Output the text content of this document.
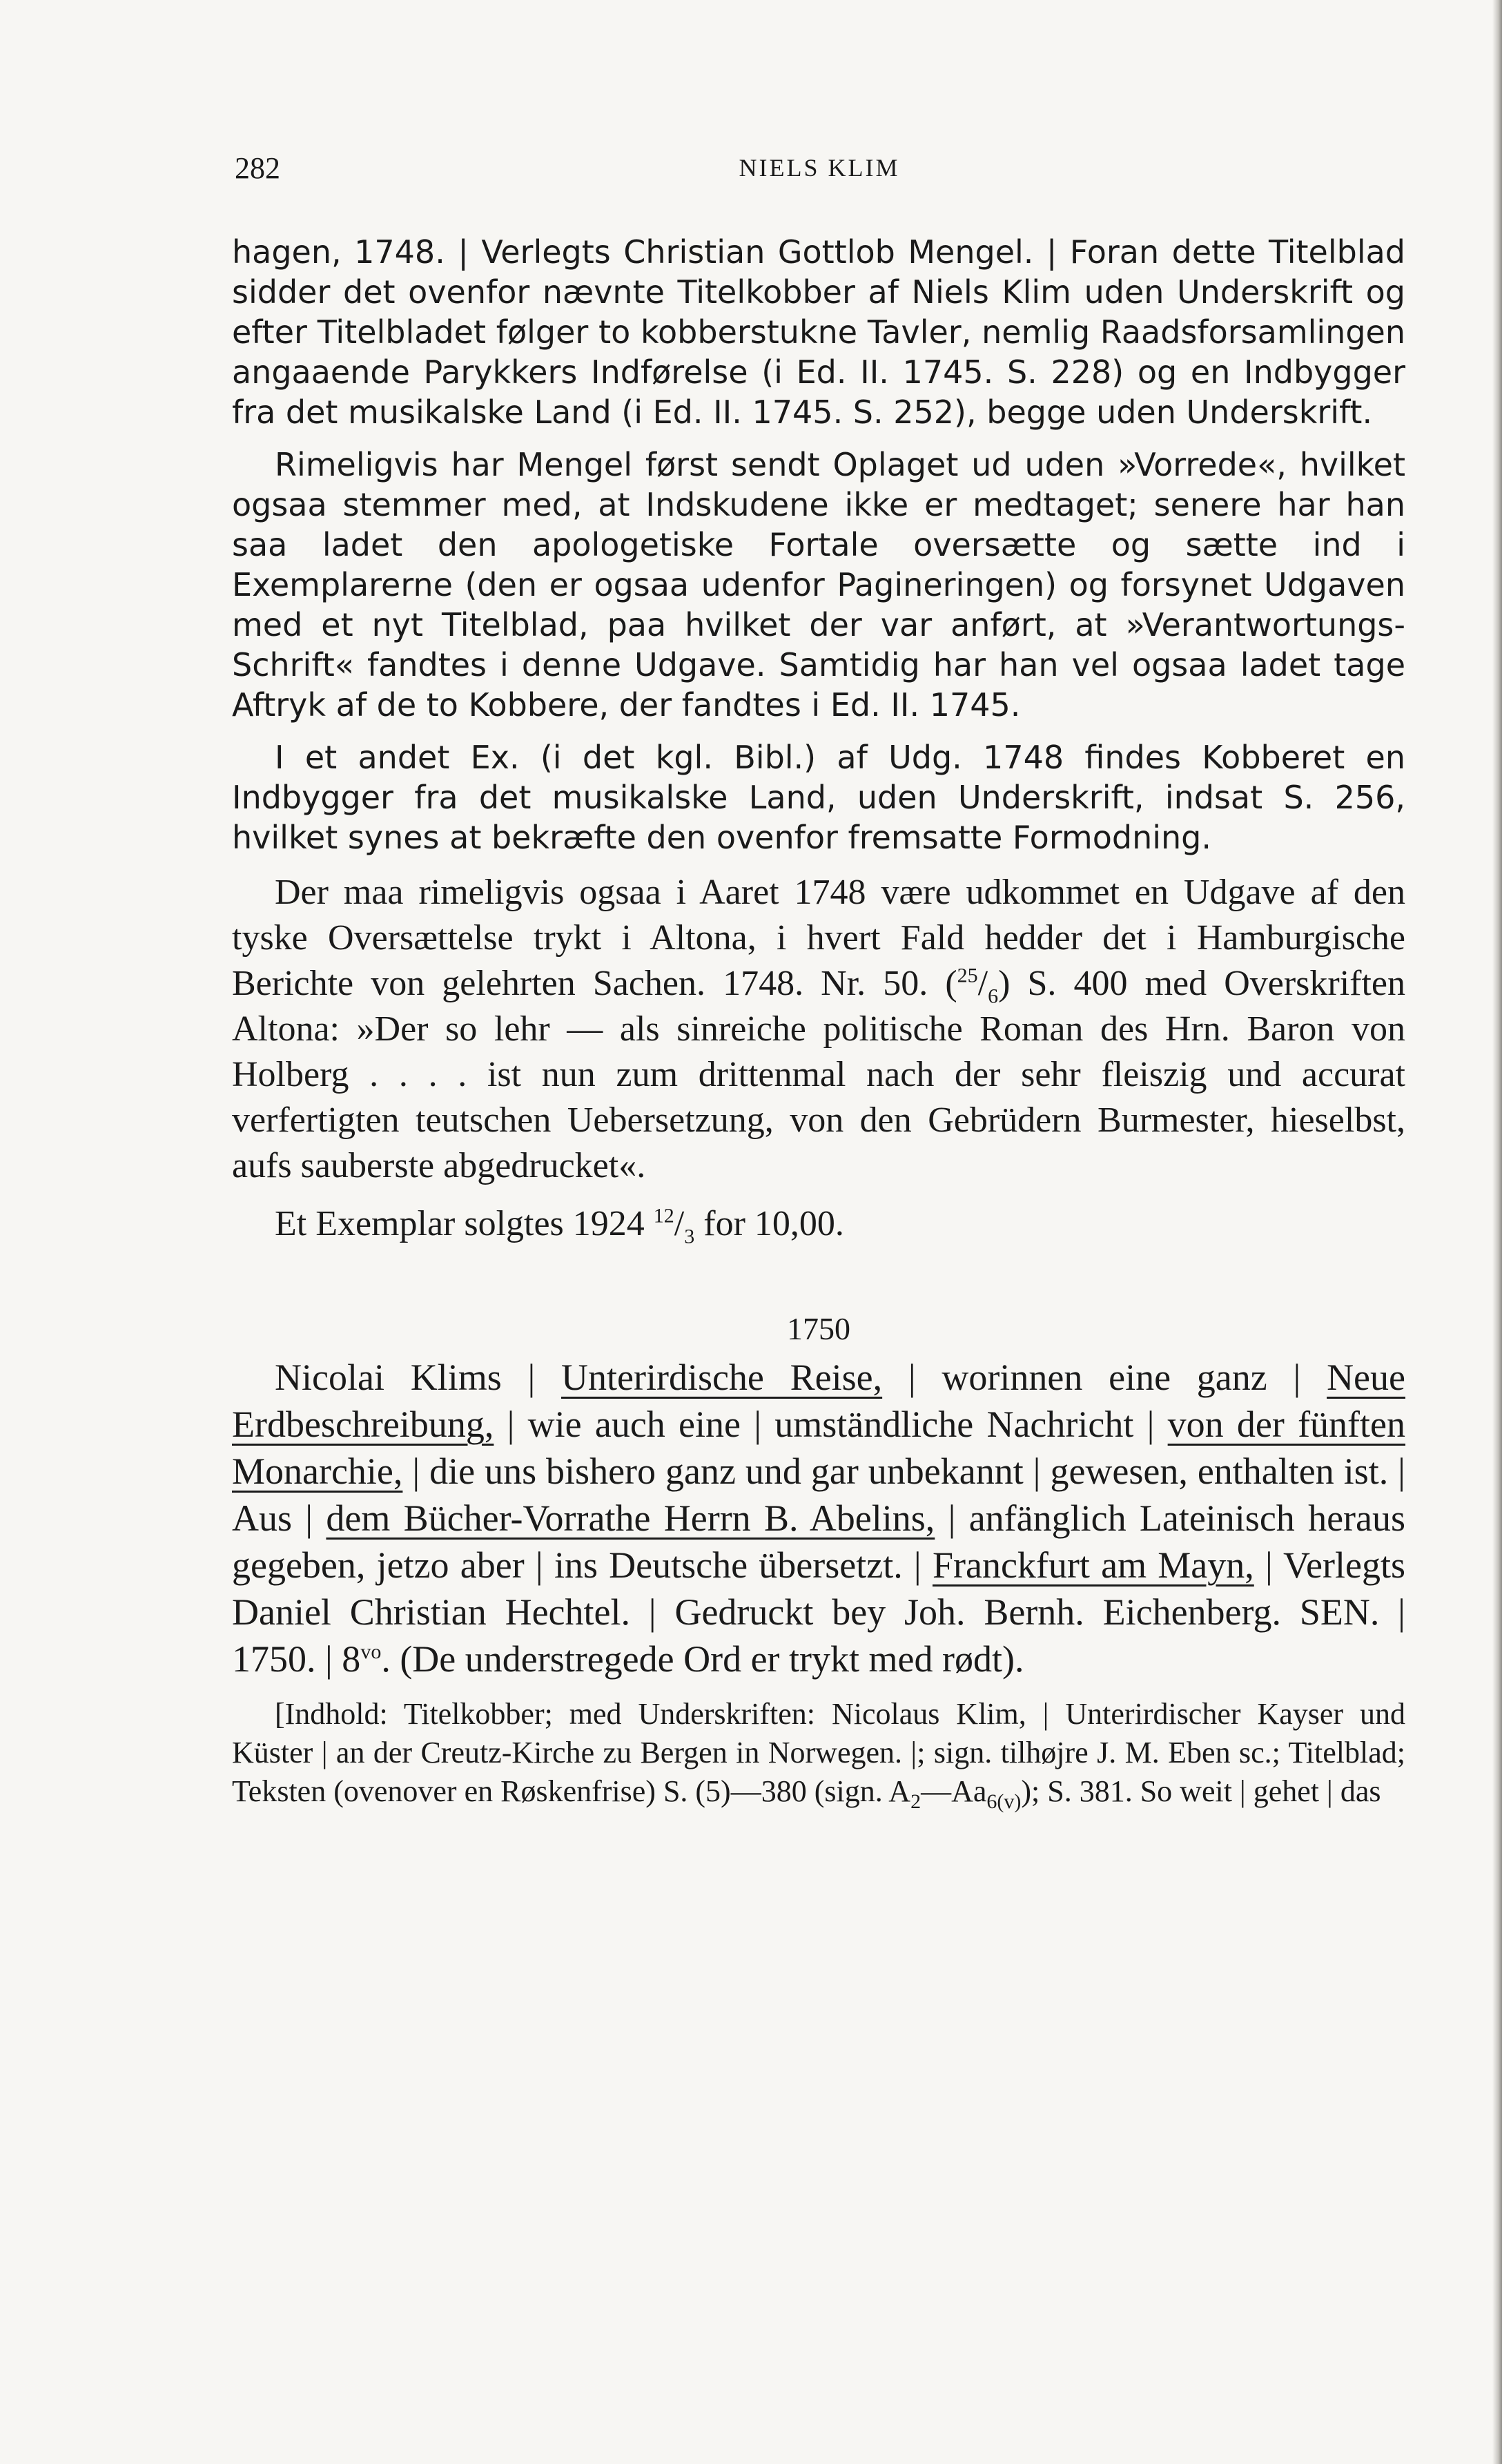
282	NIELS KLIM

hagen, 1748. | Verlegts Christian Gottlob Mengel. | Foran dette Titelblad sidder det ovenfor nævnte Titelkobber af Niels Klim uden Underskrift og efter Titelbladet følger to kobberstukne Tavler, nemlig Raadsforsamlingen angaaende Parykkers Indførelse (i Ed. II. 1745. S. 228) og en Indbygger fra det musikalske Land (i Ed. II. 1745. S. 252), begge uden Underskrift.

Rimeligvis har Mengel først sendt Oplaget ud uden »Vorrede«, hvilket ogsaa stemmer med, at Indskudene ikke er medtaget; senere har han saa ladet den apologetiske Fortale oversætte og sætte ind i Exemplarerne (den er ogsaa udenfor Pagineringen) og forsynet Udgaven med et nyt Titelblad, paa hvilket der var anført, at »Verantwortungs-Schrift« fandtes i denne Udgave. Samtidig har han vel ogsaa ladet tage Aftryk af de to Kobbere, der fandtes i Ed. II. 1745.

I et andet Ex. (i det kgl. Bibl.) af Udg. 1748 findes Kobberet en Indbygger fra det musikalske Land, uden Underskrift, indsat S. 256, hvilket synes at bekræfte den ovenfor fremsatte Formodning.

Der maa rimeligvis ogsaa i Aaret 1748 være udkommet en Udgave af den tyske Oversættelse trykt i Altona, i hvert Fald hedder det i Hamburgische Berichte von gelehrten Sachen. 1748. Nr. 50. $(^{25}/_6)$ S. 400 med Overskriften Altona: »Der so lehr — als sinreiche politische Roman des Hrn. Baron von Holberg . . . . ist nun zum drittenmal nach der sehr fleiszig und accurat verfertigten teutschen Uebersetzung, von den Gebrüdern Burmester, hieselbst, aufs sauberste abgedrucket«.

Et Exemplar solgtes 1924 $^{12}/_3$ for 10,00.

1750

Nicolai Klims | Unterirdische Reise, | worinnen eine ganz | Neue Erdbeschreibung, | wie auch eine | umständliche Nachricht | von der fünften Monarchie, | die uns bishero ganz und gar unbekannt | gewesen, enthalten ist. | Aus | dem Bücher-Vorrathe Herrn B. Abelins, | anfänglich Lateinisch heraus gegeben, jetzo aber | ins Deutsche übersetzt. | Franckfurt am Mayn, | Verlegts Daniel Christian Hechtel. | Gedruckt bey Joh. Bernh. Eichenberg. SEN. | 1750. | $8^{vo}$. (De understregede Ord er trykt med rødt).

[Indhold: Titelkobber; med Underskriften: Nicolaus Klim, | Unterirdischer Kayser und Küster | an der Creutz-Kirche zu Bergen in Norwegen. |; sign. tilhøjre J. M. Eben sc.; Titelblad; Teksten (ovenover en Røskenfrise) S. (5)—380 (sign. $A_2—Aa_{6(v)}$); S. 381. So weit | gehet | das
